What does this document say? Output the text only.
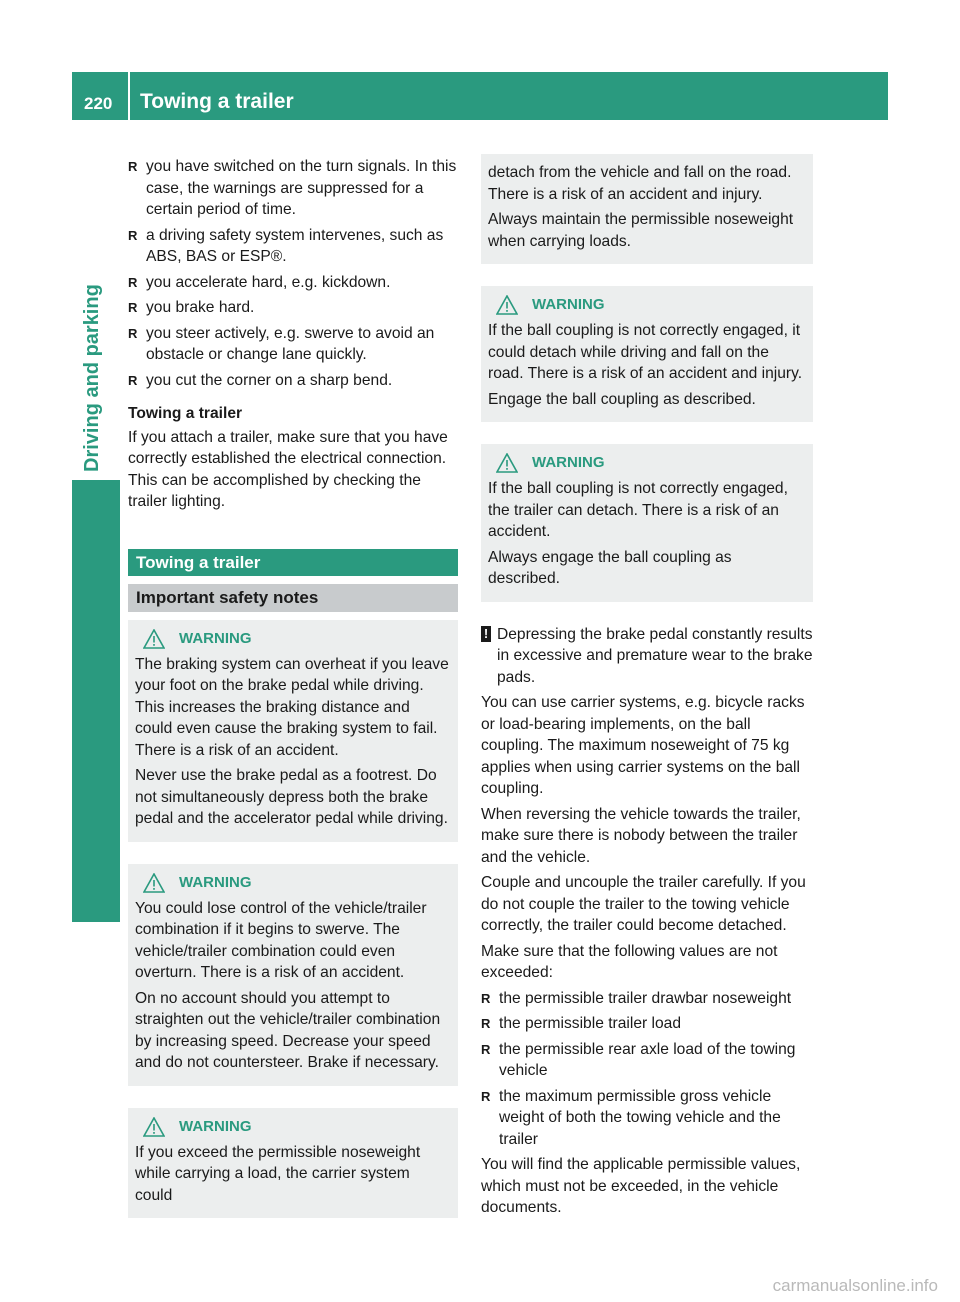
220 Towing a trailer
Driving and parking
R you have switched on the turn signals. In this case, the warnings are suppressed for a certain period of time.
R a driving safety system intervenes, such as ABS, BAS or ESP®.
R you accelerate hard, e.g. kickdown.
R you brake hard.
R you steer actively, e.g. swerve to avoid an obstacle or change lane quickly.
R you cut the corner on a sharp bend.
Towing a trailer

If you attach a trailer, make sure that you have correctly established the electrical connection. This can be accomplished by checking the trailer lighting.

Towing a trailer
Important safety notes
WARNING

The braking system can overheat if you leave your foot on the brake pedal while driving. This increases the braking distance and could even cause the braking system to fail. There is a risk of an accident.

Never use the brake pedal as a footrest. Do not simultaneously depress both the brake pedal and the accelerator pedal while driving.

WARNING

You could lose control of the vehicle/trailer combination if it begins to swerve. The vehicle/trailer combination could even overturn. There is a risk of an accident.

On no account should you attempt to straighten out the vehicle/trailer combination by increasing speed. Decrease your speed and do not countersteer. Brake if necessary.

WARNING

If you exceed the permissible noseweight while carrying a load, the carrier system could

detach from the vehicle and fall on the road. There is a risk of an accident and injury.

Always maintain the permissible noseweight when carrying loads.

WARNING

If the ball coupling is not correctly engaged, it could detach while driving and fall on the road. There is a risk of an accident and injury.

Engage the ball coupling as described.

WARNING

If the ball coupling is not correctly engaged, the trailer can detach. There is a risk of an accident.

Always engage the ball coupling as described.

! Depressing the brake pedal constantly results in excessive and premature wear to the brake pads.

You can use carrier systems, e.g. bicycle racks or load-bearing implements, on the ball coupling. The maximum noseweight of 75 kg applies when using carrier systems on the ball coupling.

When reversing the vehicle towards the trailer, make sure there is nobody between the trailer and the vehicle.

Couple and uncouple the trailer carefully. If you do not couple the trailer to the towing vehicle correctly, the trailer could become detached.

Make sure that the following values are not exceeded:

R the permissible trailer drawbar noseweight
R the permissible trailer load
R the permissible rear axle load of the towing vehicle
R the maximum permissible gross vehicle weight of both the towing vehicle and the trailer

You will find the applicable permissible values, which must not be exceeded, in the vehicle documents.

carmanualsonline.info
